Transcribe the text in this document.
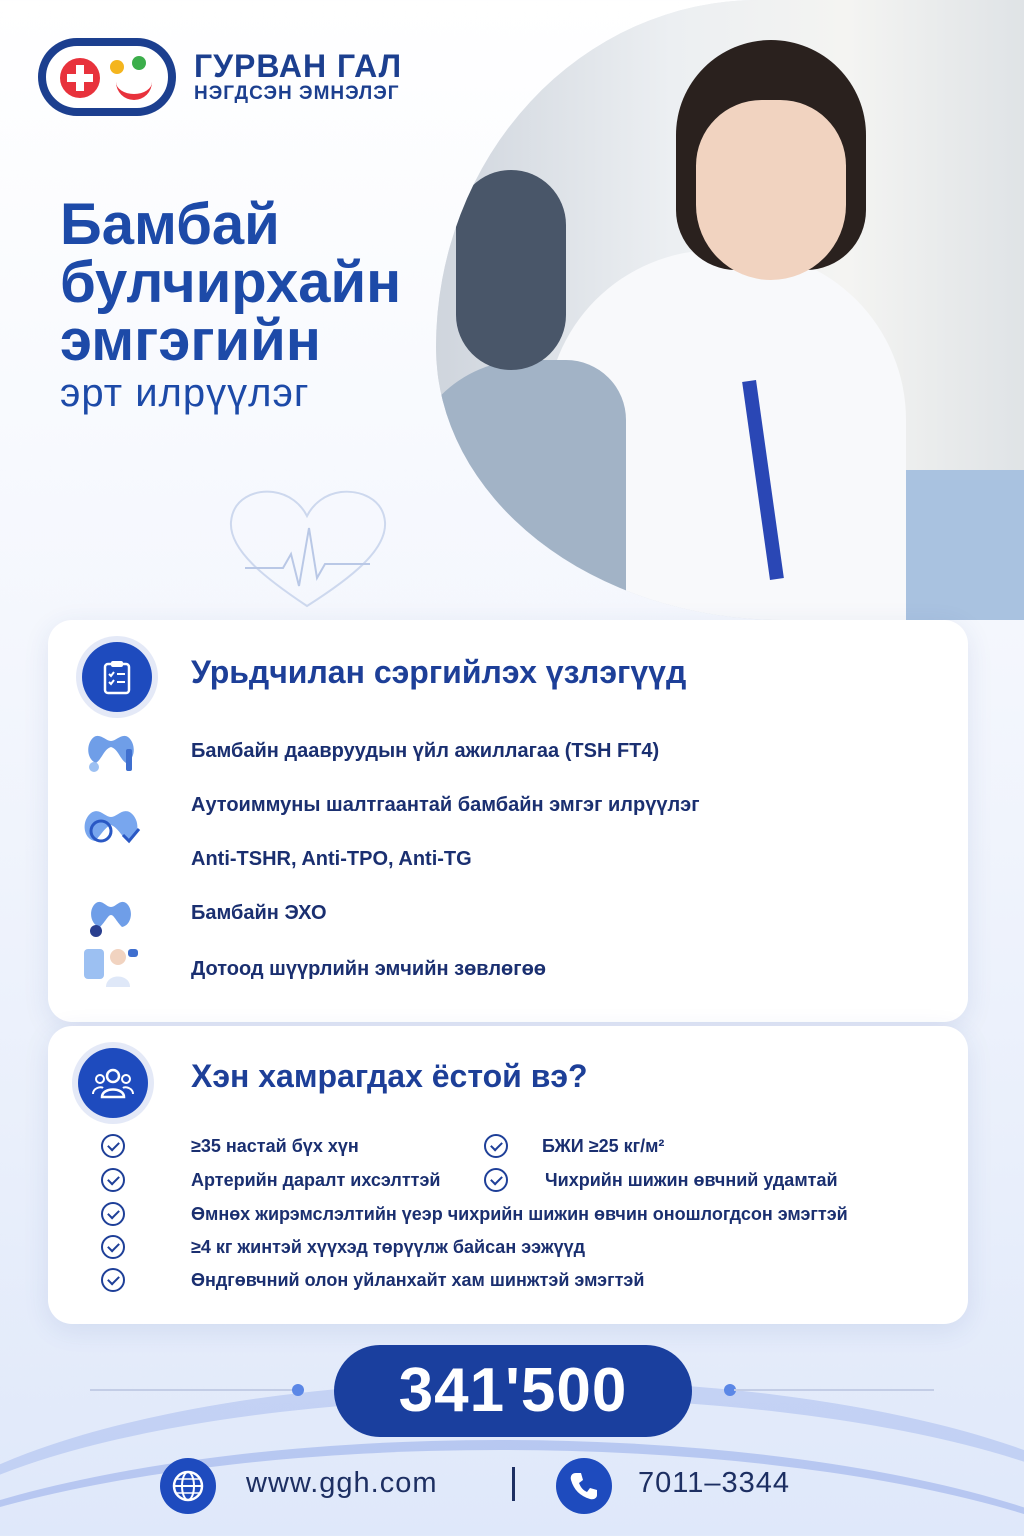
ГУРВАН ГАЛ
НЭГДСЭН ЭМНЭЛЭГ
Бамбай
булчирхайн
эмгэгийн
эрт илрүүлэг
Урьдчилан сэргийлэх үзлэгүүд
Бамбайн даавруудын үйл ажиллагаа (TSH FT4)
Аутоиммуны шалтгаантай бамбайн эмгэг илрүүлэг
Anti-TSHR, Anti-TPO, Anti-TG
Бамбайн ЭХО
Дотоод шүүрлийн эмчийн зөвлөгөө
Хэн хамрагдах ёстой вэ?
≥35 настай бүх хүн	БЖИ ≥25 кг/м²
Артерийн даралт ихсэлттэй	Чихрийн шижин өвчний удамтай
Өмнөх жирэмслэлтийн үеэр чихрийн шижин өвчин оношлогдсон эмэгтэй
≥4 кг жинтэй хүүхэд төрүүлж байсан ээжүүд
Өндгөвчний олон уйланхайт хам шинжтэй эмэгтэй
341'500
www.ggh.com	7011–3344
